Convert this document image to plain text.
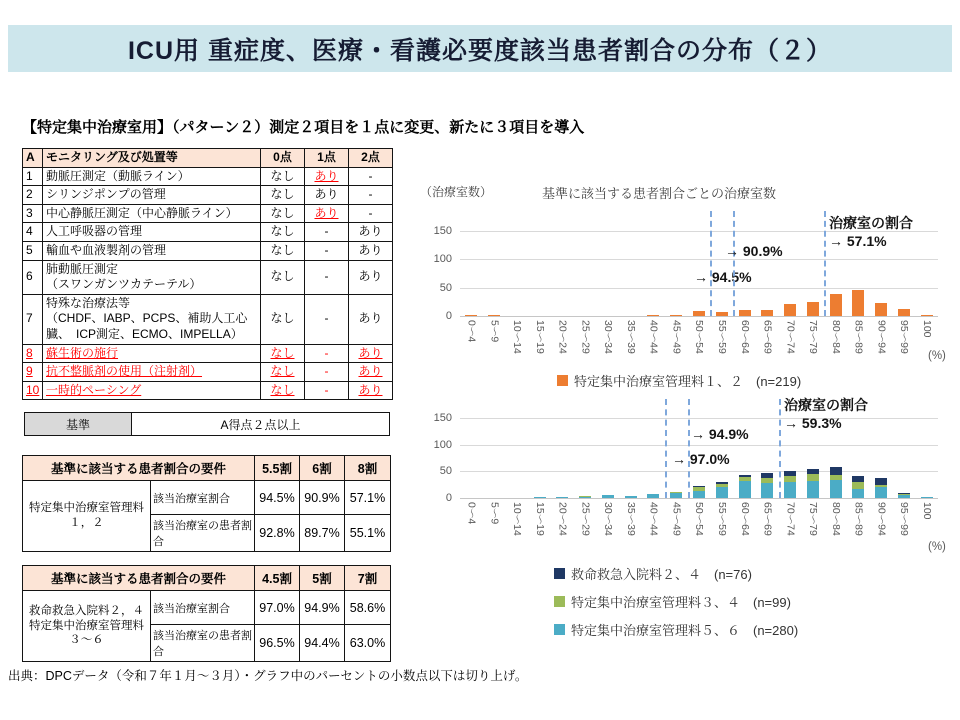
ICU用 重症度、医療・看護必要度該当患者割合の分布（２）
【特定集中治療室用】（パターン２）測定２項目を１点に変更、新たに３項目を導入
A	モニタリング及び処置等	0点	1点	2点
1	動脈圧測定（動脈ライン）	なし	あり	-
2	シリンジポンプの管理	なし	あり	-
3	中心静脈圧測定（中心静脈ライン）	なし	あり	-
4	人工呼吸器の管理	なし	-	あり
5	輸血や血液製剤の管理	なし	-	あり
6	肺動脈圧測定
（スワンガンツカテーテル）	なし	-	あり
7	特殊な治療法等
（CHDF、IABP、PCPS、補助人工心
臓、　ICP測定、ECMO、IMPELLA）	なし	-	あり
8	蘇生術の施行	なし	-	あり
9	抗不整脈剤の使用（注射剤）	なし	-	あり
10	一時的ペーシング	なし	-	あり
基準	A得点２点以上
基準に該当する患者割合の要件		5.5割	6割	8割
特定集中治療室管理料１，２	該当治療室割合	94.5%	90.9%	57.1%
	該当治療室の患者割合	92.8%	89.7%	55.1%
基準に該当する患者割合の要件		4.5割	5割	7割
救命救急入院料２，４
特定集中治療室管理料３～６	該当治療室割合	97.0%	94.9%	58.6%
	該当治療室の患者割合	96.5%	94.4%	63.0%
（治療室数）	基準に該当する患者割合ごとの治療室数
0
50
100
150
→ 94.5%
→ 90.9%
治療室の割合
→ 57.1%
0～4 5～9 10～14 15～19 20～24 25～29 30～34 35～39 40～44 45～49 50～54 55～59 60～64 65～69 70～74 75～79 80～84 85～89 90～94 95～99 100
(%)
0
50
100
150
→ 97.0%
→ 94.9%
治療室の割合
→ 59.3%
0～4 5～9 10～14 15～19 20～24 25～29 30～34 35～39 40～44 45～49 50～54 55～59 60～64 65～69 70～74 75～79 80～84 85～89 90～94 95～99 100
(%)
特定集中治療室管理料１、２　(n=219)
救命救急入院料２、４　(n=76)
特定集中治療室管理料３、４　(n=99)
特定集中治療室管理料５、６　(n=280)
出典：DPCデータ（令和７年１月～３月）・グラフ中のパーセントの小数点以下は切り上げ。
